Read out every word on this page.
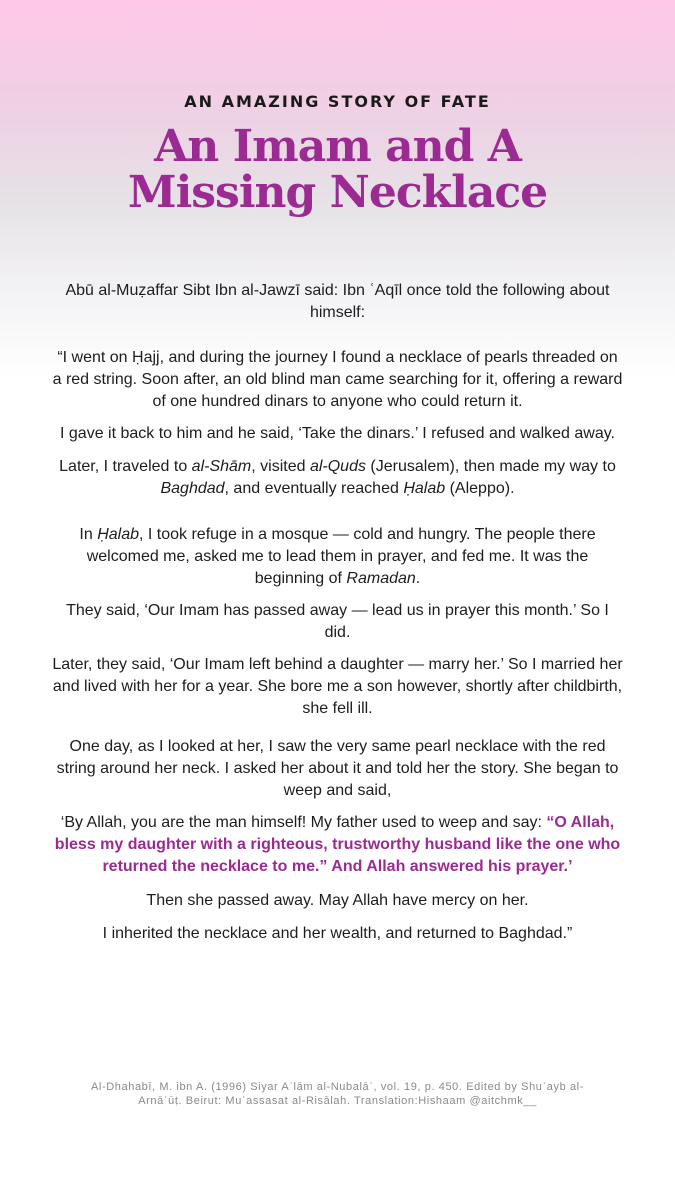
AN AMAZING STORY OF FATE
An Imam and A
Missing Necklace

Abū al-Muẓaffar Sibt Ibn al-Jawzī said: Ibn ʿAqīl once told the following about himself:

“I went on Ḥajj, and during the journey I found a necklace of pearls threaded on a red string. Soon after, an old blind man came searching for it, offering a reward of one hundred dinars to anyone who could return it.

I gave it back to him and he said, ‘Take the dinars.’ I refused and walked away.

Later, I traveled to al-Shām, visited al-Quds (Jerusalem), then made my way to Baghdad, and eventually reached Ḥalab (Aleppo).

In Ḥalab, I took refuge in a mosque — cold and hungry. The people there welcomed me, asked me to lead them in prayer, and fed me. It was the beginning of Ramadan.

They said, ‘Our Imam has passed away — lead us in prayer this month.’ So I did.

Later, they said, ‘Our Imam left behind a daughter — marry her.’ So I married her and lived with her for a year. She bore me a son however, shortly after childbirth, she fell ill.

One day, as I looked at her, I saw the very same pearl necklace with the red string around her neck. I asked her about it and told her the story. She began to weep and said,

‘By Allah, you are the man himself! My father used to weep and say: “O Allah, bless my daughter with a righteous, trustworthy husband like the one who returned the necklace to me.” And Allah answered his prayer.’

Then she passed away. May Allah have mercy on her.

I inherited the necklace and her wealth, and returned to Baghdad.”

Al-Dhahabī, M. ibn A. (1996) Siyar Aʿlām al-Nubalāʾ, vol. 19, p. 450. Edited by Shuʿayb al-Arnāʾūṭ. Beirut: Muʾassasat al-Risālah. Translation:Hishaam @aitchmk__
